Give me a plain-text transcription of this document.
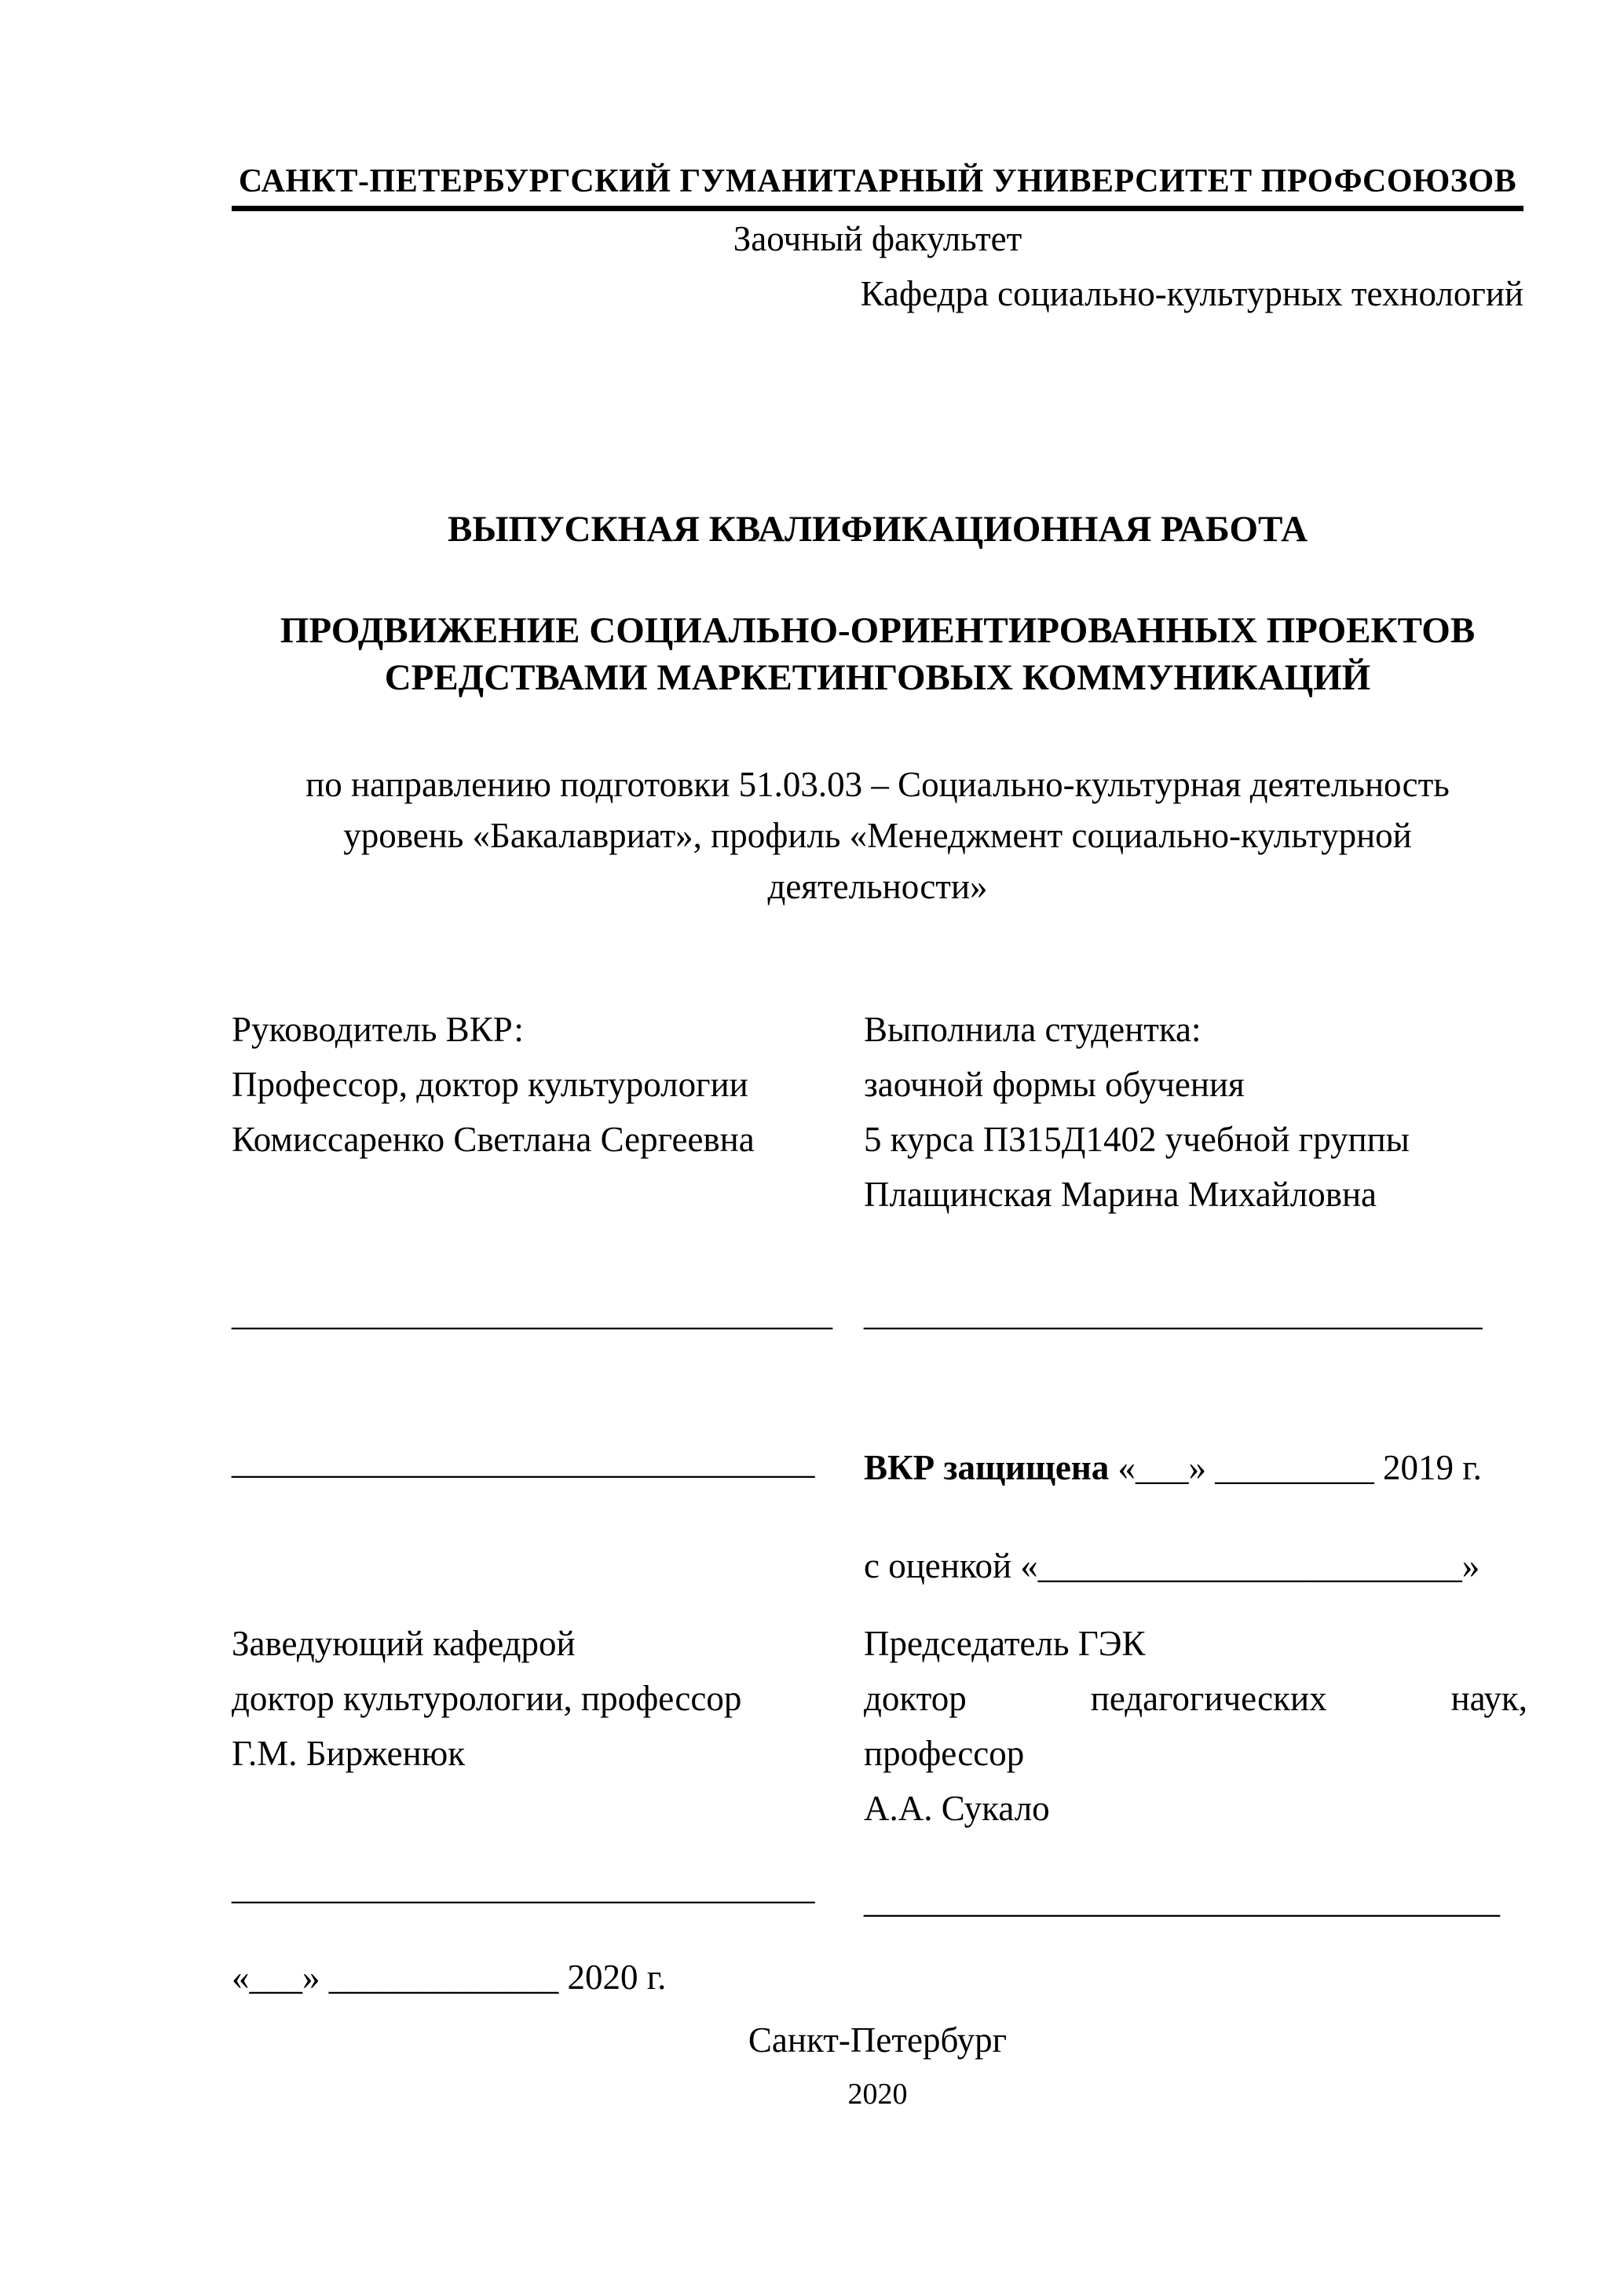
САНКТ-ПЕТЕРБУРГСКИЙ ГУМАНИТАРНЫЙ УНИВЕРСИТЕТ ПРОФСОЮЗОВ
Заочный факультет
Кафедра социально-культурных технологий
ВЫПУСКНАЯ КВАЛИФИКАЦИОННАЯ РАБОТА
ПРОДВИЖЕНИЕ СОЦИАЛЬНО-ОРИЕНТИРОВАННЫХ ПРОЕКТОВ
СРЕДСТВАМИ МАРКЕТИНГОВЫХ КОММУНИКАЦИЙ
по направлению подготовки 51.03.03 – Социально-культурная деятельность
уровень «Бакалавриат», профиль «Менеджмент социально-культурной
деятельности»
Руководитель ВКР:
Профессор, доктор культурологии
Комиссаренко Светлана Сергеевна
Выполнила студентка:
заочной формы обучения
5 курса ПЗ15Д1402 учебной группы
Плащинская Марина Михайловна
__________________________________ ___________________________________
_________________________________	ВКР защищена «___» _________ 2019 г.
с оценкой «________________________»
Заведующий кафедрой
доктор культурологии, профессор
Г.М. Бирженюк
Председатель ГЭК
доктор педагогических наук,
профессор
А.А. Сукало
_________________________________	____________________________________
«___» _____________ 2020 г.
Санкт-Петербург
2020
